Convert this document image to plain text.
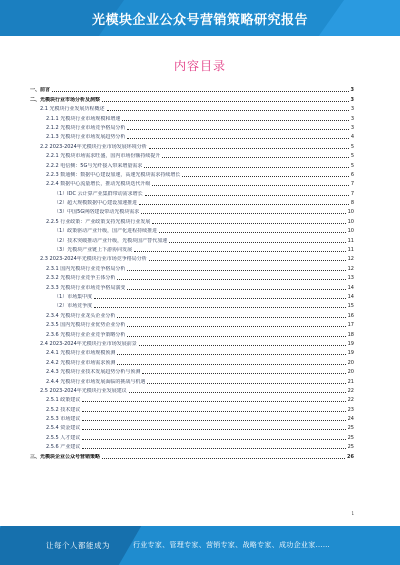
光模块企业公众号营销策略研究报告
内容目录
一、前言	3
二、光模块行业市场分析及洞察	3
2.1 光模块行业发展历程概述	3
2.1.1 光模块行业市场规模和增速	3
2.1.2 光模块行业市场竞争格局分析	3
2.1.3 光模块行业市场发展趋势分析	4
2.2 2023-2024年光模块行业市场发展环境分析	5
2.2.1 光模块市场需求旺盛，国内市场份额持续提升	5
2.2.2 电信侧：5G与光纤接入带来增量需求	5
2.2.3 数通侧：数据中心建设加速，高速光模块需求持续增长	6
2.2.4 数据中心流量增长，推动光模块迭代升级	7
（1）IDC 云计算产业集群带动需求增长	7
（2）超大规模数据中心建设加速推进	8
（3）中国5G网络建设带动光模块需求	10
2.2.5 行业政策：产业政策支持光模块行业发展	10
（1）政策驱动产业升级，国产化进程持续推进	10
（2）技术突破推动产业升级，光模块国产替代加速	11
（3）光模块产业链上下游协同发展	11
2.3 2023-2024年光模块行业市场竞争格局分析	12
2.3.1 国内光模块行业竞争格局分析	12
2.3.2 光模块行业竞争主体分析	13
2.3.3 光模块行业市场竞争格局演变	14
（1）市场集中度	14
（2）市场竞争度	15
2.3.4 光模块行业龙头企业分析	16
2.3.5 国内光模块行业优势企业分析	17
2.3.6 光模块行业企业竞争策略分析	18
2.4 2023-2024年光模块行业市场发展前景	19
2.4.1 光模块行业市场规模预测	19
2.4.2 光模块行业市场需求预测	20
2.4.3 光模块行业技术发展趋势分析与预测	20
2.4.4 光模块行业市场发展面临的挑战与机遇	21
2.5 2023-2024年光模块行业发展建议	22
2.5.1 政策建议	22
2.5.2 技术建议	23
2.5.3 市场建议	24
2.5.4 资金建议	25
2.5.5 人才建议	25
2.5.6 产业建议	25
三、光模块企业公众号营销策略	26
1
让每个人都能成为	行业专家、管理专家、营销专家、战略专家、成功企业家……
